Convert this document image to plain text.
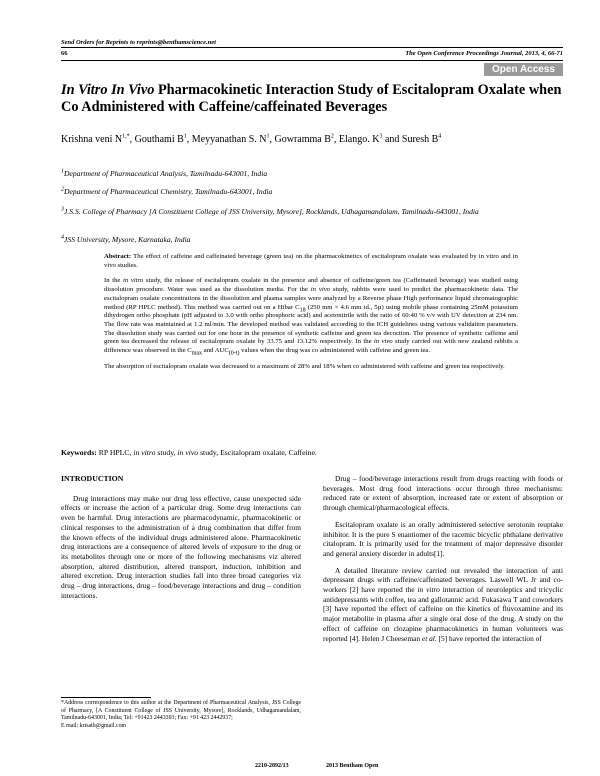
Send Orders for Reprints to reprints@benthamscience.net
66	The Open Conference Proceedings Journal, 2013, 4, 66-71
Open Access
In Vitro In Vivo Pharmacokinetic Interaction Study of Escitalopram Oxalate when Co Administered with Caffeine/caffeinated Beverages
Krishna veni $N^{1,*}$, Gouthami $B^1$, Meyyanathan S. $N^1$, Gowramma $B^2$, Elango. $K^3$ and Suresh $B^4$
$^1$Department of Pharmaceutical Analysis, Tamilnadu-643001, India
$^2$Department of Pharmaceutical Chemistry, Tamilnadu-643001, India
$^3$J.S.S. College of Pharmacy [A Constituent College of JSS University, Mysore], Rocklands, Udhagamandalam, Tamilnadu-643001, India
$^4$JSS University, Mysore, Karnataka, India

Abstract: The effect of caffeine and caffeinated beverage (green tea) on the pharmacokinetics of escitalopram oxalate was evaluated by in vitro and in vivo studies.

In the in vitro study, the release of escitalopram oxalate in the presence and absence of caffeine/green tea (Caffeinated beverage) was studied using dissolution procedure. Water was used as the dissolution media. For the in vivo study, rabbits were used to predict the pharmacokinetic data. The escitalopram oxalate concentrations in the dissolution and plasma samples were analyzed by a Reverse phase High performance liquid chromatographic method (RP HPLC method). This method was carried out on a Hibar $C_{18}$ (250 mm × 4.6 mm id., 5µ) using mobile phase containing 25mM potassium dihydrogen ortho phosphate (pH adjusted to 3.0 with ortho phosphoric acid) and acetonitrile with the ratio of 60:40 % v/v with UV detection at 234 nm. The flow rate was maintained at 1.2 ml/min. The developed method was validated according to the ICH guidelines using various validation parameters. The dissolution study was carried out for one hour in the presence of synthetic caffeine and green tea decoction. The presence of synthetic caffeine and green tea decreased the release of escitalopram oxalate by 33.75 and 13.12% respectively. In the in vivo study carried out with new zealand rabbits a difference was observed in the $C_{max}$ and $AUC_{(0-t)}$ values when the drug was co administered with caffeine and green tea.

The absorption of escitalopram oxalate was decreased to a maximum of 28% and 18% when co administered with caffeine and green tea respectively.

Keywords: RP HPLC, in vitro study, in vivo study, Escitalopram oxalate, Caffeine.
INTRODUCTION

Drug interactions may make our drug less effective, cause unexpected side effects or increase the action of a particular drug. Some drug interactions can even be harmful. Drug interactions are pharmacodynamic, pharmacokinetic or clinical responses to the administration of a drug combination that differ from the known effects of the individual drugs administered alone. Pharmacokinetic drug interactions are a consequence of altered levels of exposure to the drug or its metabolites through one or more of the following mechanisms viz altered absorption, altered distribution, altered transport, induction, inhibition and altered excretion. Drug interaction studies fall into three broad categories viz drug – drug interactions, drug – food/beverage interactions and drug – condition interactions.

Drug – food/beverage interactions result from drugs reacting with foods or beverages. Most drug food interactions occur through three mechanisms: reduced rate or extent of absorption, increased rate or extent of absorption or through chemical/pharmacological effects.

Escitalopram oxalate is an orally administered selective serotonin reuptake inhibitor. It is the pure S enantiomer of the racemic bicyclic phthalane derivative citalopram. It is primarily used for the treatment of major depressive disorder and general anxiety disorder in adults[1].

A detailed literature review carried out revealed the interaction of anti depressant drugs with caffeine/caffeinated beverages. Laswell WL Jr and co-workers [2] have reported the in vitro interaction of neuroleptics and tricyclic antidepressants with coffee, tea and gallotannic acid. Fukasawa T and coworkers [3] have reported the effect of caffeine on the kinetics of fluvoxamine and its major metabolite in plasma after a single oral dose of the drug. A study on the effect of caffeine on clozapine pharmacokinetics in human volunteers was reported [4]. Helen J Cheeseman et al. [5] have reported the interaction of

*Address correspondence to this author at the Department of Pharmaceutical Analysis, JSS College of Pharmacy, [A Constituent College of JSS University, Mysore], Rocklands, Udhagamandalam, Tamilnadu-643001, India; Tel: +91423 2443393; Fax: +91 423 2442937;
E mail: krisath@gmail.com
2210-2892/13	2013 Bentham Open
